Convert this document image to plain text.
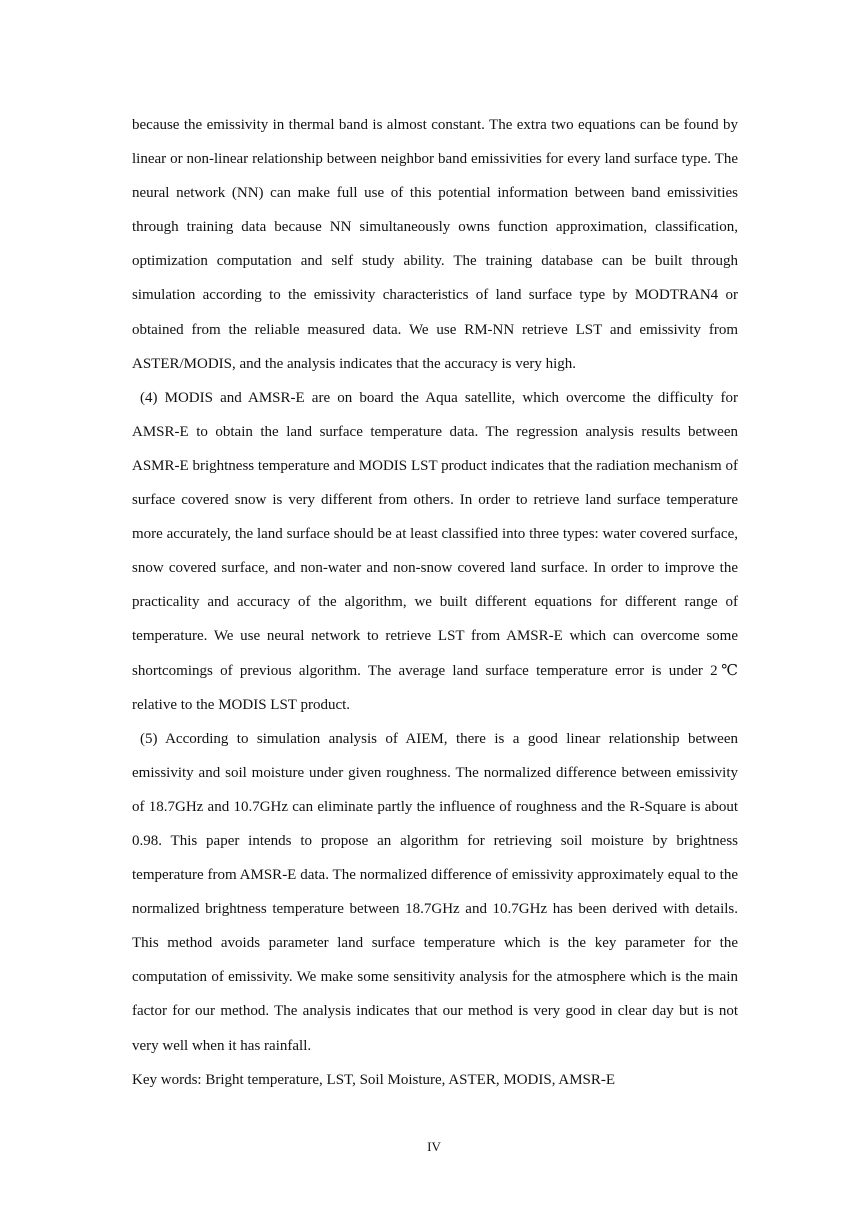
because the emissivity in thermal band is almost constant. The extra two equations can be found by linear or non-linear relationship between neighbor band emissivities for every land surface type. The neural network (NN) can make full use of this potential information between band emissivities through training data because NN simultaneously owns function approximation, classification, optimization computation and self study ability. The training database can be built through simulation according to the emissivity characteristics of land surface type by MODTRAN4 or obtained from the reliable measured data. We use RM-NN retrieve LST and emissivity from ASTER/MODIS, and the analysis indicates that the accuracy is very high.

(4) MODIS and AMSR-E are on board the Aqua satellite, which overcome the difficulty for AMSR-E to obtain the land surface temperature data. The regression analysis results between ASMR-E brightness temperature and MODIS LST product indicates that the radiation mechanism of surface covered snow is very different from others. In order to retrieve land surface temperature more accurately, the land surface should be at least classified into three types: water covered surface, snow covered surface, and non-water and non-snow covered land surface. In order to improve the practicality and accuracy of the algorithm, we built different equations for different range of temperature. We use neural network to retrieve LST from AMSR-E which can overcome some shortcomings of previous algorithm. The average land surface temperature error is under 2℃ relative to the MODIS LST product.

(5) According to simulation analysis of AIEM, there is a good linear relationship between emissivity and soil moisture under given roughness. The normalized difference between emissivity of 18.7GHz and 10.7GHz can eliminate partly the influence of roughness and the R-Square is about 0.98. This paper intends to propose an algorithm for retrieving soil moisture by brightness temperature from AMSR-E data. The normalized difference of emissivity approximately equal to the normalized brightness temperature between 18.7GHz and 10.7GHz has been derived with details. This method avoids parameter land surface temperature which is the key parameter for the computation of emissivity. We make some sensitivity analysis for the atmosphere which is the main factor for our method. The analysis indicates that our method is very good in clear day but is not very well when it has rainfall.

Key words: Bright temperature, LST, Soil Moisture, ASTER, MODIS, AMSR-E

IV
